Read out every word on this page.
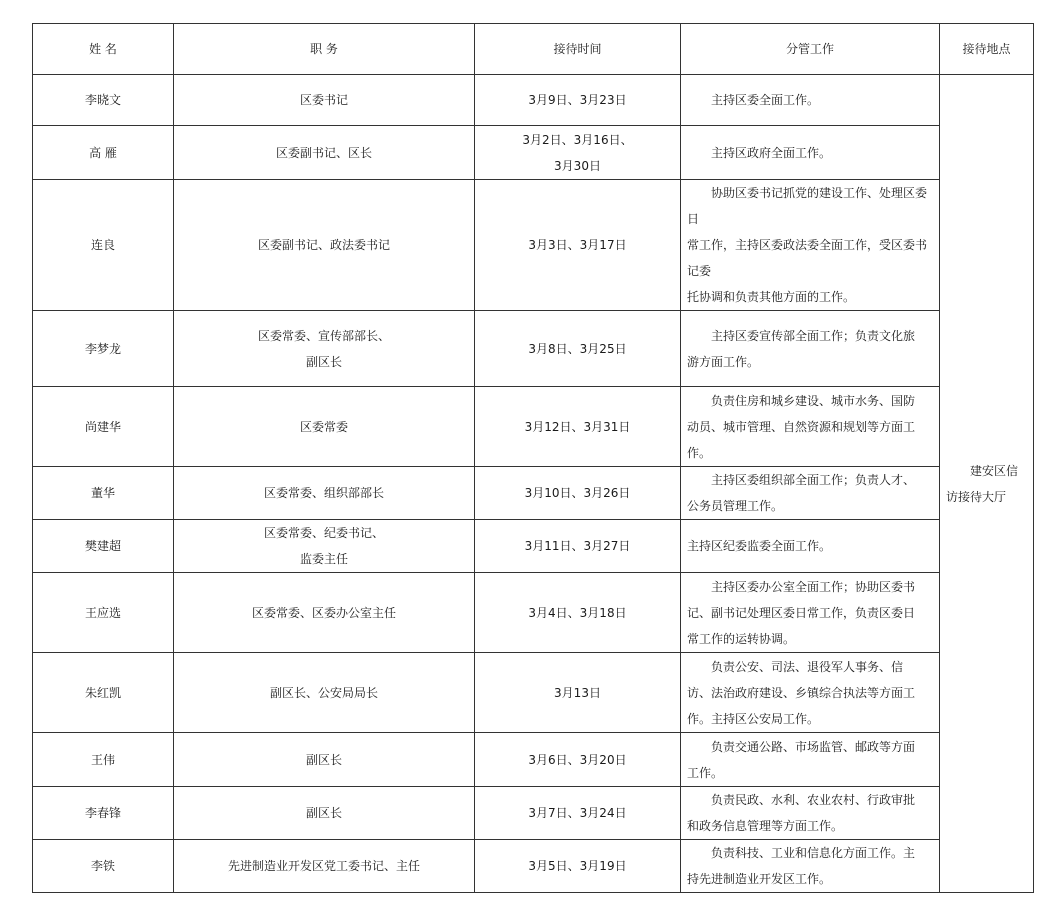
姓 名	职 务	接待时间	分管工作	接待地点
李晓文	区委书记	3月9日、3月23日	主持区委全面工作。	建安区信
访接待大厅

高 雁	区委副书记、区长	3月2日、3月16日、
3月30日	主持区政府全面工作。	

连良	区委副书记、政法委书记	3月3日、3月17日	协助区委书记抓党的建设工作、处理区委日
常工作，主持区委政法委全面工作，受区委书记委
托协调和负责其他方面的工作。	

李梦龙	区委常委、宣传部部长、
副区长	3月8日、3月25日	主持区委宣传部全面工作；负责文化旅
游方面工作。	

尚建华	区委常委	3月12日、3月31日	负责住房和城乡建设、城市水务、国防
动员、城市管理、自然资源和规划等方面工
作。	

董华	区委常委、组织部部长	3月10日、3月26日	主持区委组织部全面工作；负责人才、
公务员管理工作。	

樊建超	区委常委、纪委书记、
监委主任	3月11日、3月27日	主持区纪委监委全面工作。	

王应选	区委常委、区委办公室主任	3月4日、3月18日	主持区委办公室全面工作；协助区委书
记、副书记处理区委日常工作，负责区委日
常工作的运转协调。	

朱红凯	副区长、公安局局长	3月13日	负责公安、司法、退役军人事务、信
访、法治政府建设、乡镇综合执法等方面工
作。主持区公安局工作。	

王伟	副区长	3月6日、3月20日	负责交通公路、市场监管、邮政等方面
工作。	

李春锋	副区长	3月7日、3月24日	负责民政、水利、农业农村、行政审批
和政务信息管理等方面工作。	

李铁	先进制造业开发区党工委书记、主任	3月5日、3月19日	负责科技、工业和信息化方面工作。主
持先进制造业开发区工作。	
